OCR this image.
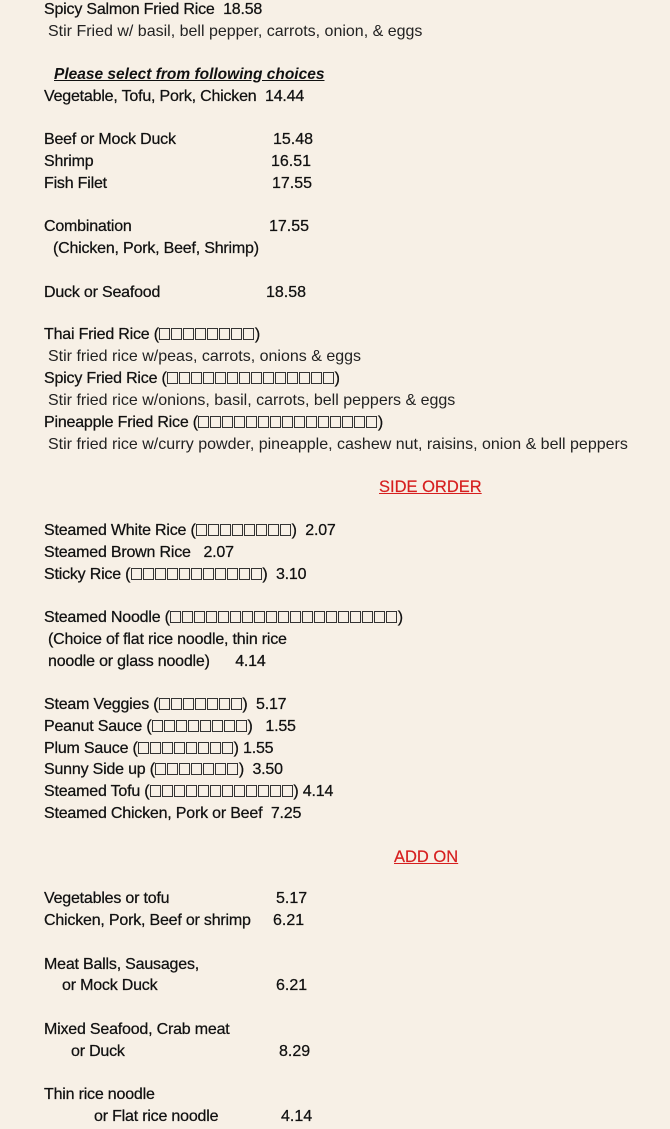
Spicy Salmon Fried Rice 18.58
Stir Fried w/ basil, bell pepper, carrots, onion, & eggs
Please select from following choices
Vegetable, Tofu, Pork, Chicken 14.44
Beef or Mock Duck	15.48
Shrimp	16.51
Fish Filet	17.55
Combination	17.55
(Chicken, Pork, Beef, Shrimp)
Duck or Seafood	18.58
Thai Fried Rice (	)
Stir fried rice w/peas, carrots, onions & eggs
Spicy Fried Rice (	)
Stir fried rice w/onions, basil, carrots, bell peppers & eggs
Pineapple Fried Rice (	)
Stir fried rice w/curry powder, pineapple, cashew nut, raisins, onion & bell peppers
SIDE ORDER
Steamed White Rice (	)  2.07
Steamed Brown Rice 2.07
Sticky Rice (	)  3.10
Steamed Noodle (	)
(Choice of flat rice noodle, thin rice
noodle or glass noodle) 4.14
Steam Veggies (	)  5.17
Peanut Sauce (	)   1.55
Plum Sauce (	) 1.55
Sunny Side up (	)  3.50
Steamed Tofu (	) 4.14
Steamed Chicken, Pork or Beef 7.25
ADD ON
Vegetables or tofu	5.17
Chicken, Pork, Beef or shrimp 6.21
Meat Balls, Sausages,
or Mock Duck	6.21
Mixed Seafood, Crab meat
or Duck	8.29
Thin rice noodle
or Flat rice noodle	4.14
